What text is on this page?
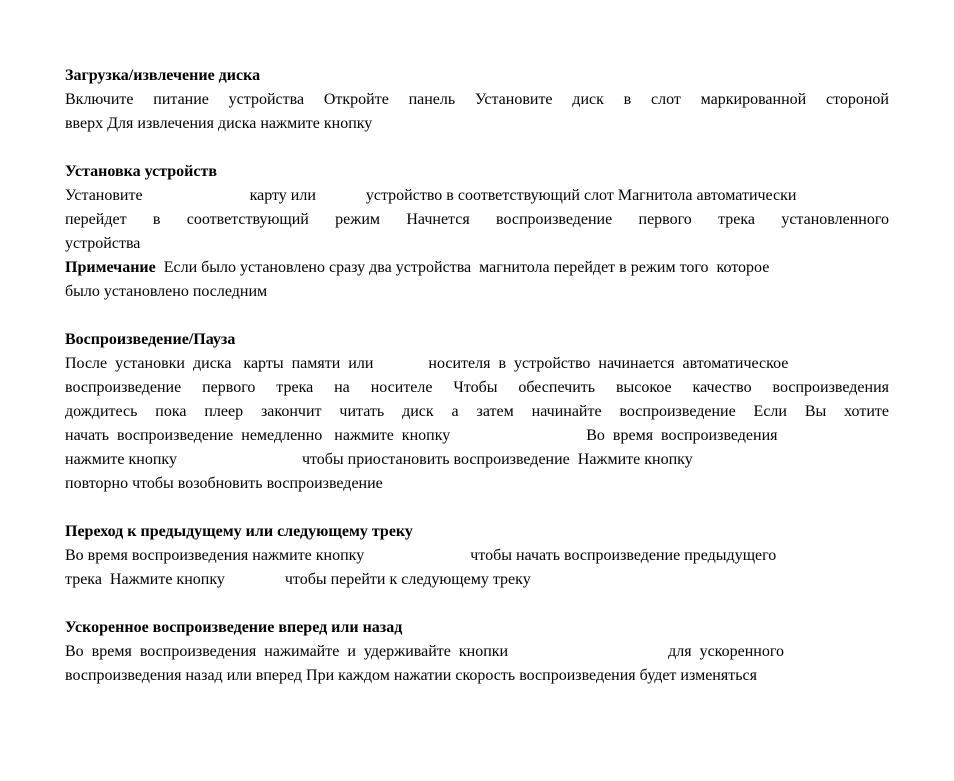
Загрузка/извлечение диска
Включите питание устройства Откройте панель Установите диск в слот маркированной стороной
вверх Для извлечения диска нажмите кнопку
Установка устройств
Установите	карту или	устройство в соответствующий слот Магнитола автоматически
перейдет в соответствующий режим Начнется воспроизведение первого трека установленного
устройства
Примечание  Если было установлено сразу два устройства  магнитола перейдет в режим того  которое
было установлено последним
Воспроизведение/Пауза
После  установки  диска   карты  памяти  или	носителя  в  устройство  начинается  автоматическое
воспроизведение первого трека на носителе Чтобы обеспечить высокое качество воспроизведения
дождитесь пока плеер закончит читать диск а затем начинайте воспроизведение Если Вы хотите
начать  воспроизведение  немедленно   нажмите  кнопку	Во  время  воспроизведения
нажмите кнопку	чтобы приостановить воспроизведение  Нажмите кнопку
повторно чтобы возобновить воспроизведение
Переход к предыдущему или следующему треку
Во время воспроизведения нажмите кнопку	чтобы начать воспроизведение предыдущего
трека  Нажмите кнопку	чтобы перейти к следующему треку
Ускоренное воспроизведение вперед или назад
Во  время  воспроизведения  нажимайте  и  удерживайте  кнопки	для  ускоренного
воспроизведения назад или вперед При каждом нажатии скорость воспроизведения будет изменяться
